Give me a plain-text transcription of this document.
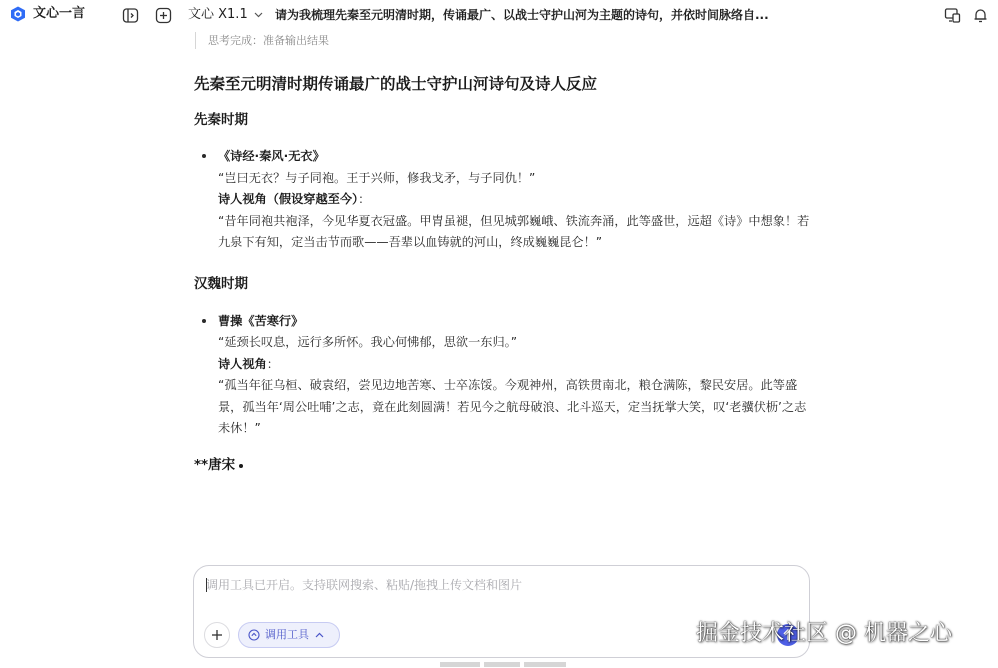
文心一言	文心 X1.1 请为我梳理先秦至元明清时期，传诵最广、以战士守护山河为主题的诗句，并依时间脉络自...
思考完成：准备输出结果
先秦至元明清时期传诵最广的战士守护山河诗句及诗人反应
先秦时期
《诗经·秦风·无衣》
“岂曰无衣？与子同袍。王于兴师，修我戈矛，与子同仇！”
诗人视角（假设穿越至今）：
“昔年同袍共袍泽，今见华夏衣冠盛。甲胄虽褪，但见城郭巍峨、铁流奔涌，此等盛世，远超《诗》中想象！若九泉下有知，定当击节而歌——吾辈以血铸就的河山，终成巍巍昆仑！”
汉魏时期
曹操《苦寒行》
“延颈长叹息，远行多所怀。我心何怫郁，思欲一东归。”
诗人视角：
“孤当年征乌桓、破袁绍，尝见边地苦寒、士卒冻馁。今观神州，高铁贯南北，粮仓满陈，黎民安居。此等盛景，孤当年‘周公吐哺’之志，竟在此刻圆满！若见今之航母破浪、北斗巡天，定当抚掌大笑，叹‘老骥伏枥’之志未休！”
**唐宋
调用工具已开启。支持联网搜索、粘贴/拖拽上传文档和图片
调用工具	掘金技术社区 @ 机器之心
